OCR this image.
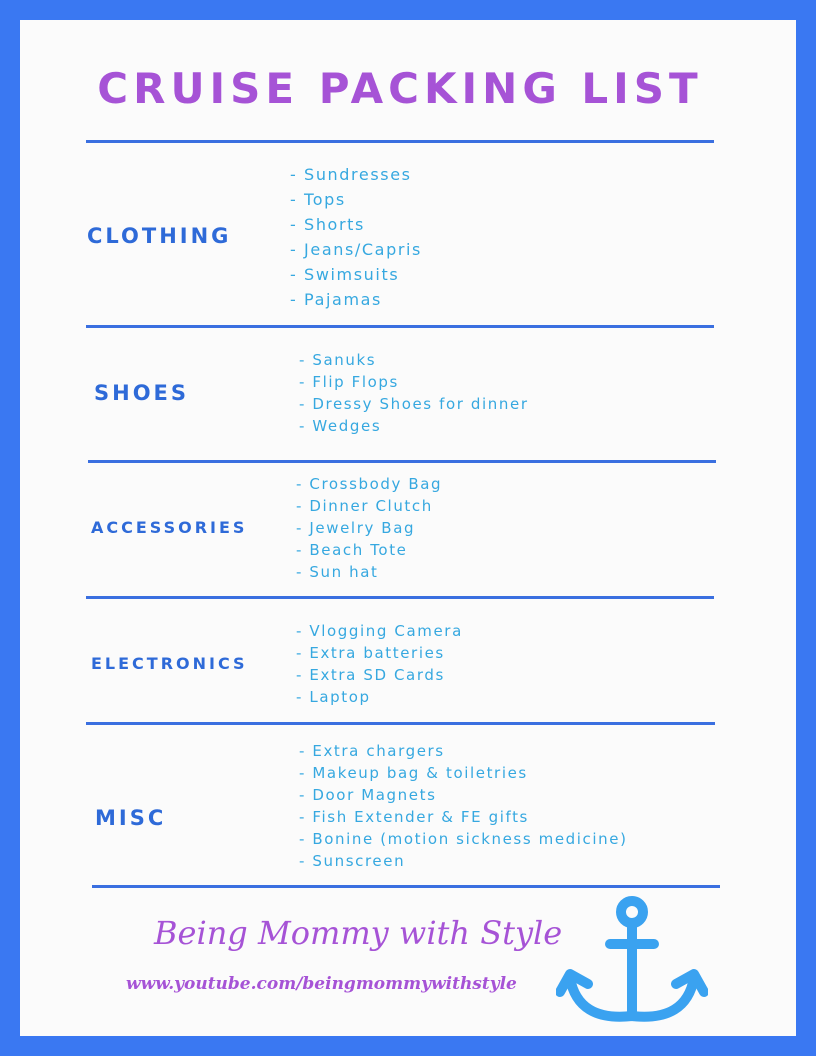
CRUISE PACKING LIST
CLOTHING
- Sundresses
- Tops
- Shorts
- Jeans/Capris
- Swimsuits
- Pajamas
SHOES
- Sanuks
- Flip Flops
- Dressy Shoes for dinner
- Wedges
ACCESSORIES
- Crossbody Bag
- Dinner Clutch
- Jewelry Bag
- Beach Tote
- Sun hat
ELECTRONICS
- Vlogging Camera
- Extra batteries
- Extra SD Cards
- Laptop
MISC
- Extra chargers
- Makeup bag & toiletries
- Door Magnets
- Fish Extender & FE gifts
- Bonine (motion sickness medicine)
- Sunscreen
Being Mommy with Style
www.youtube.com/beingmommywithstyle
